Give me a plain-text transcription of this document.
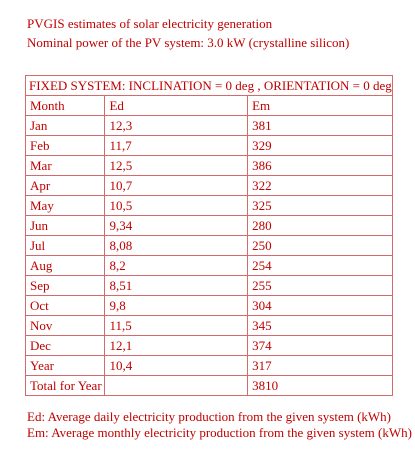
PVGIS estimates of solar electricity generation
Nominal power of the PV system: 3.0 kW (crystalline silicon)
FIXED SYSTEM: INCLINATION = 0 deg , ORIENTATION = 0 deg		
Month	Ed	Em
Jan	12,3	381
Feb	11,7	329
Mar	12,5	386
Apr	10,7	322
May	10,5	325
Jun	9,34	280
Jul	8,08	250
Aug	8,2	254
Sep	8,51	255
Oct	9,8	304
Nov	11,5	345
Dec	12,1	374
Year	10,4	317
Total for Year		3810
Ed: Average daily electricity production from the given system (kWh)
Em: Average monthly electricity production from the given system (kWh)
